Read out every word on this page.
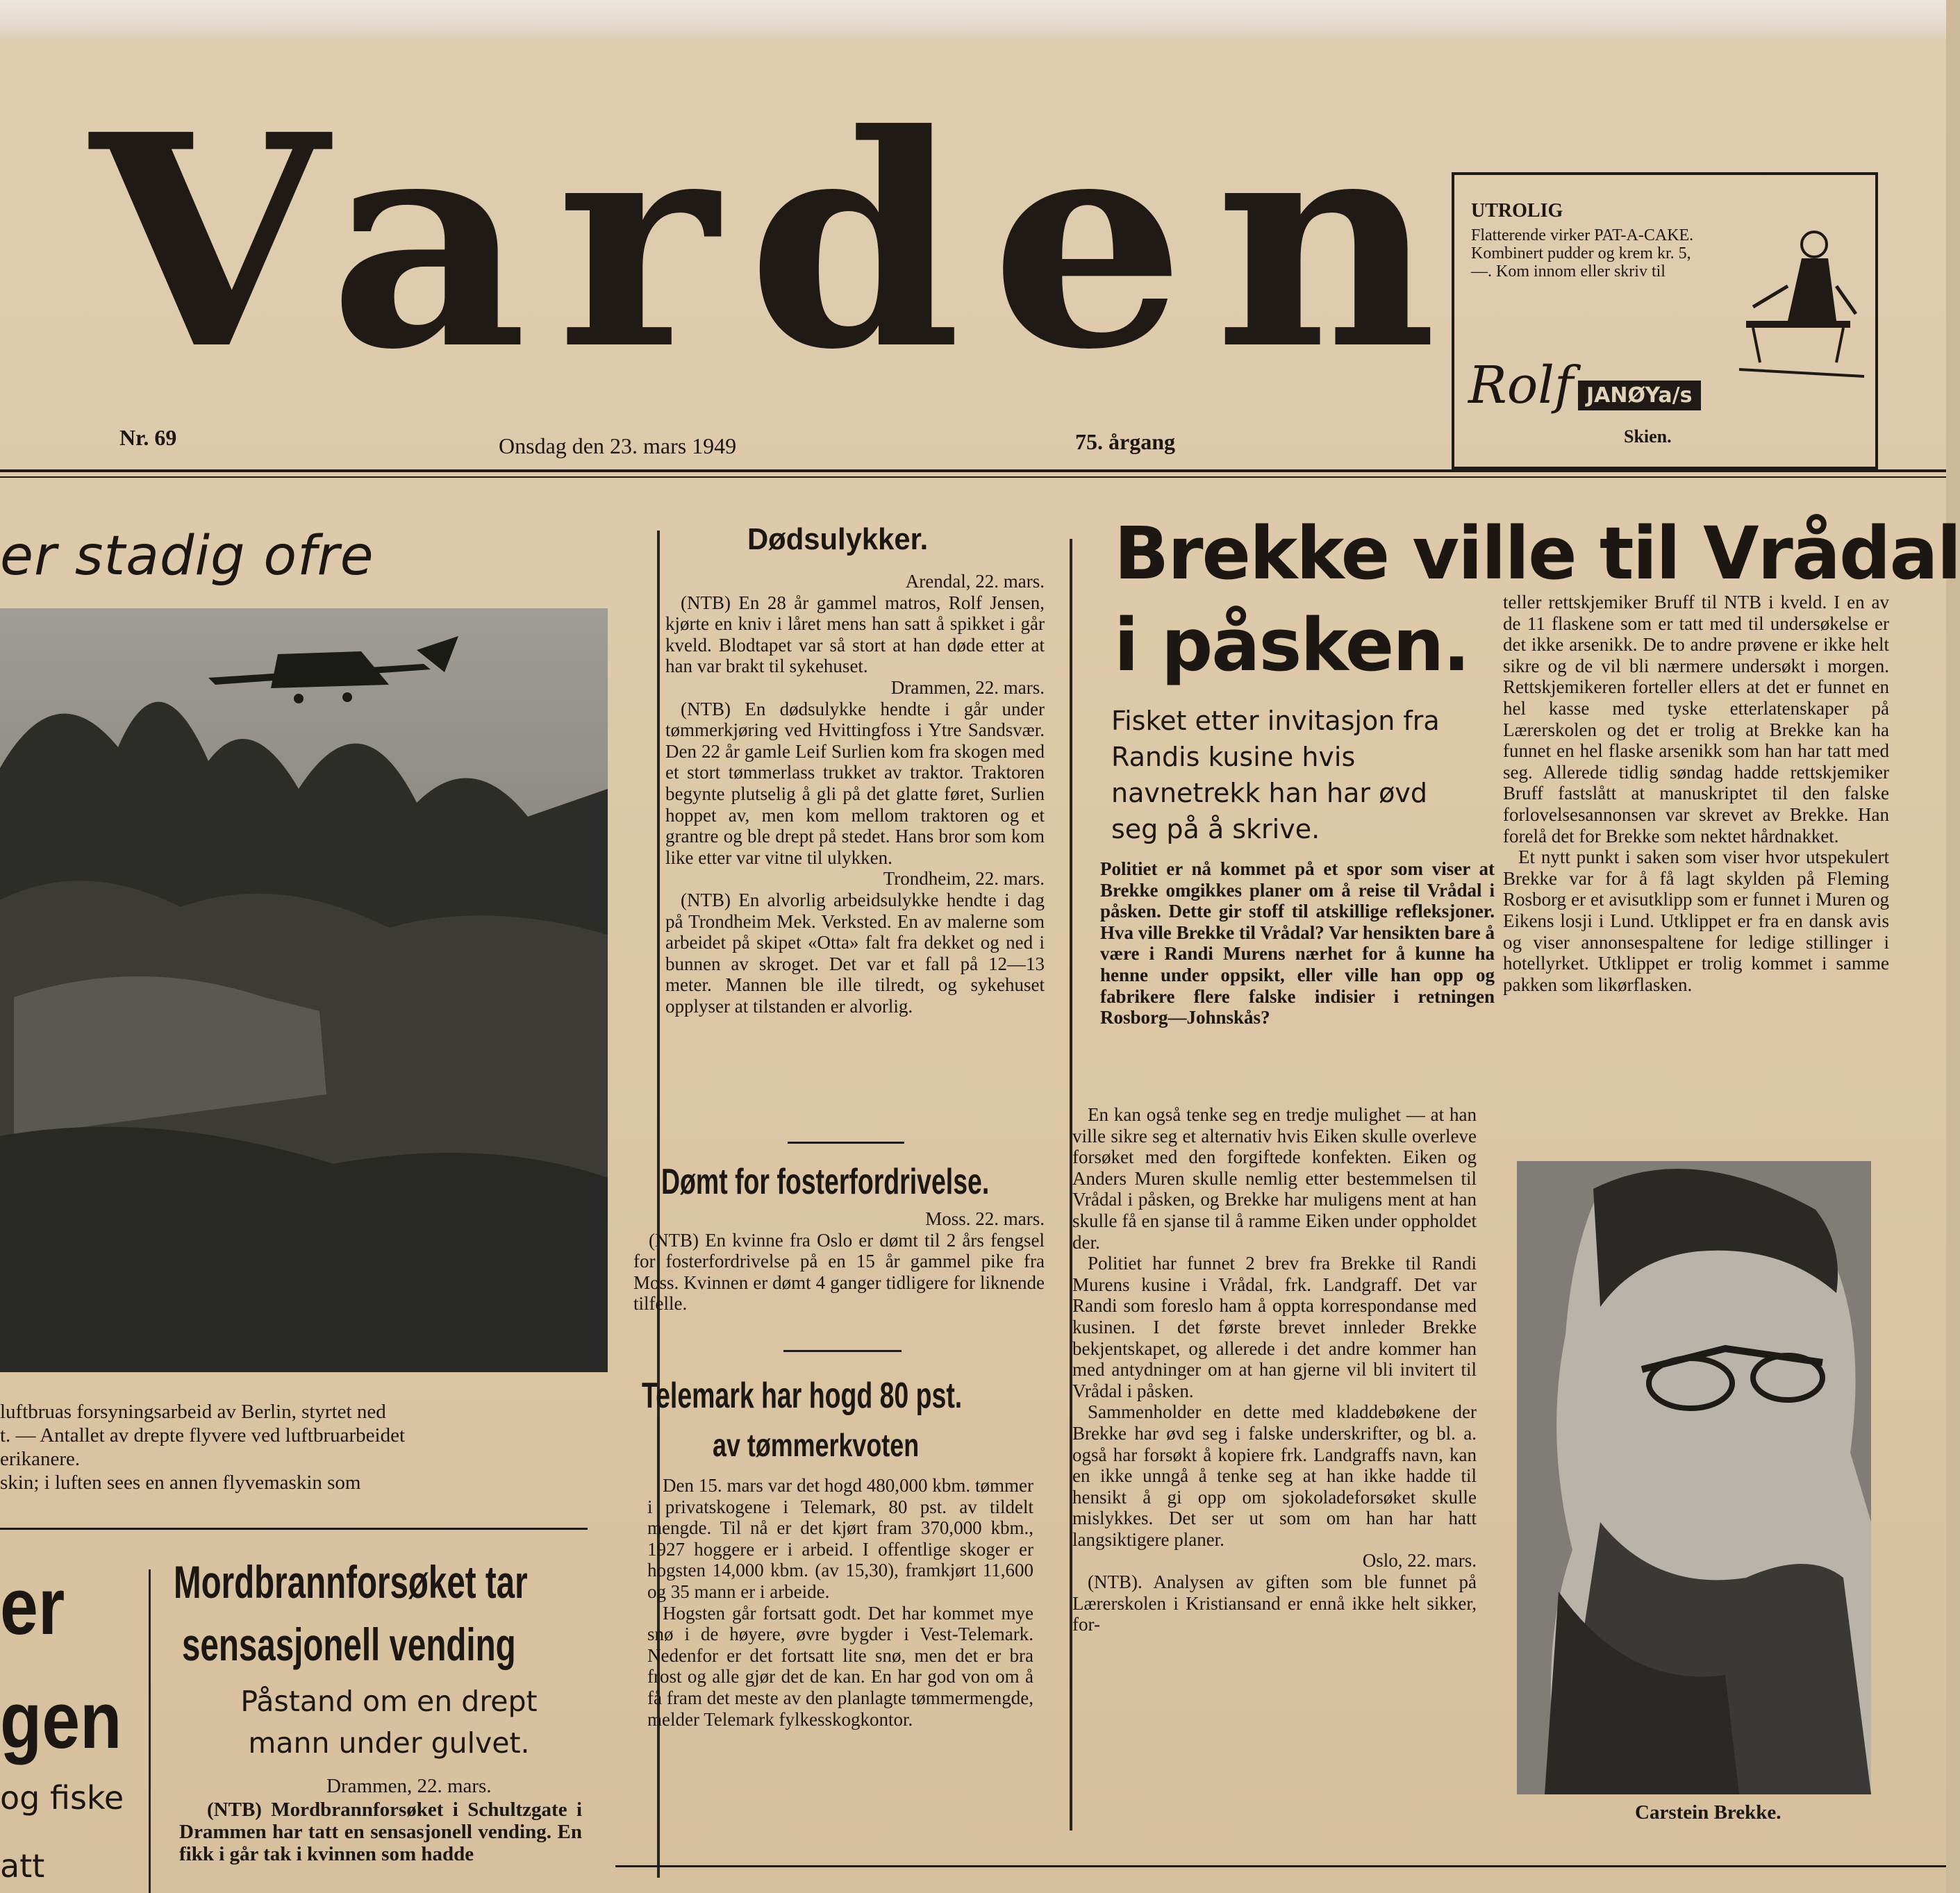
Varden
Nr. 69	Onsdag den 23. mars 1949	75. årgang
UTROLIG
Flatterende virker PAT-A-CAKE. Kombinert pudder og krem kr. 5,—. Kom innom eller skriv til
Rolf JANØYa/s
Skien.
er stadig ofre
luftbruas forsyningsarbeid av Berlin, styrtet ned
t. — Antallet av drepte flyvere ved luftbruarbeidet
erikanere.
skin; i luften sees en annen flyvemaskin som
er
gen
og fiske
att
Mordbrannforsøket tar
sensasjonell vending
Påstand om en drept mann under gulvet.
Drammen, 22. mars.
(NTB) Mordbrannforsøket i Schultzgate i Drammen har tatt en sensasjonell vending. En fikk i går tak i kvinnen som hadde
Dødsulykker.

Arendal, 22. mars.

(NTB) En 28 år gammel matros, Rolf Jensen, kjørte en kniv i låret mens han satt å spikket i går kveld. Blodtapet var så stort at han døde etter at han var brakt til sykehuset.

Drammen, 22. mars.

(NTB) En dødsulykke hendte i går under tømmerkjøring ved Hvittingfoss i Ytre Sandsvær. Den 22 år gamle Leif Surlien kom fra skogen med et stort tømmerlass trukket av traktor. Traktoren begynte plutselig å gli på det glatte føret, Surlien hoppet av, men kom mellom traktoren og et grantre og ble drept på stedet. Hans bror som kom like etter var vitne til ulykken.

Trondheim, 22. mars.

(NTB) En alvorlig arbeidsulykke hendte i dag på Trondheim Mek. Verksted. En av malerne som arbeidet på skipet «Otta» falt fra dekket og ned i bunnen av skroget. Det var et fall på 12—13 meter. Mannen ble ille tilredt, og sykehuset opplyser at tilstanden er alvorlig.

Dømt for fosterfordrivelse.

Moss. 22. mars.

(NTB) En kvinne fra Oslo er dømt til 2 års fengsel for fosterfordrivelse på en 15 år gammel pike fra Moss. Kvinnen er dømt 4 ganger tidligere for liknende tilfelle.

Telemark har hogd 80 pst.
av tømmerkvoten

Den 15. mars var det hogd 480,000 kbm. tømmer i privatskogene i Telemark, 80 pst. av tildelt mengde. Til nå er det kjørt fram 370,000 kbm., 1927 hoggere er i arbeid. I offentlige skoger er hogsten 14,000 kbm. (av 15,30), framkjørt 11,600 og 35 mann er i arbeide.

Hogsten går fortsatt godt. Det har kommet mye snø i de høyere, øvre bygder i Vest-Telemark. Nedenfor er det fortsatt lite snø, men det er bra frost og alle gjør det de kan. En har god von om å få fram det meste av den planlagte tømmermengde, melder Telemark fylkesskogkontor.

Brekke ville til Vrådal
i påsken.
Fisket etter invitasjon fra Randis kusine hvis navnetrekk han har øvd seg på å skrive.
Politiet er nå kommet på et spor som viser at Brekke omgikkes planer om å reise til Vrådal i påsken. Dette gir stoff til atskillige refleksjoner. Hva ville Brekke til Vrådal? Var hensikten bare å være i Randi Murens nærhet for å kunne ha henne under oppsikt, eller ville han opp og fabrikere flere falske indisier i retningen Rosborg—Johnskås?

En kan også tenke seg en tredje mulighet — at han ville sikre seg et alternativ hvis Eiken skulle overleve forsøket med den forgiftede konfekten. Eiken og Anders Muren skulle nemlig etter bestemmelsen til Vrådal i påsken, og Brekke har muligens ment at han skulle få en sjanse til å ramme Eiken under oppholdet der.

Politiet har funnet 2 brev fra Brekke til Randi Murens kusine i Vrådal, frk. Landgraff. Det var Randi som foreslo ham å oppta korrespondanse med kusinen. I det første brevet innleder Brekke bekjentskapet, og allerede i det andre kommer han med antydninger om at han gjerne vil bli invitert til Vrådal i påsken.

Sammenholder en dette med kladdebøkene der Brekke har øvd seg i falske underskrifter, og bl. a. også har forsøkt å kopiere frk. Landgraffs navn, kan en ikke unngå å tenke seg at han ikke hadde til hensikt å gi opp om sjokoladeforsøket skulle mislykkes. Det ser ut som om han har hatt langsiktigere planer.

Oslo, 22. mars.

(NTB). Analysen av giften som ble funnet på Lærerskolen i Kristiansand er ennå ikke helt sikker, for-

teller rettskjemiker Bruff til NTB i kveld. I en av de 11 flaskene som er tatt med til undersøkelse er det ikke arsenikk. De to andre prøvene er ikke helt sikre og de vil bli nærmere undersøkt i morgen. Rettskjemikeren forteller ellers at det er funnet en hel kasse med tyske etterlatenskaper på Lærerskolen og det er trolig at Brekke kan ha funnet en hel flaske arsenikk som han har tatt med seg. Allerede tidlig søndag hadde rettskjemiker Bruff fastslått at manuskriptet til den falske forlovelsesannonsen var skrevet av Brekke. Han forelå det for Brekke som nektet hårdnakket.

Et nytt punkt i saken som viser hvor utspekulert Brekke var for å få lagt skylden på Fleming Rosborg er et avisutklipp som er funnet i Muren og Eikens losji i Lund. Utklippet er fra en dansk avis og viser annonsespaltene for ledige stillinger i hotellyrket. Utklippet er trolig kommet i samme pakken som likørflasken.

Carstein Brekke.
